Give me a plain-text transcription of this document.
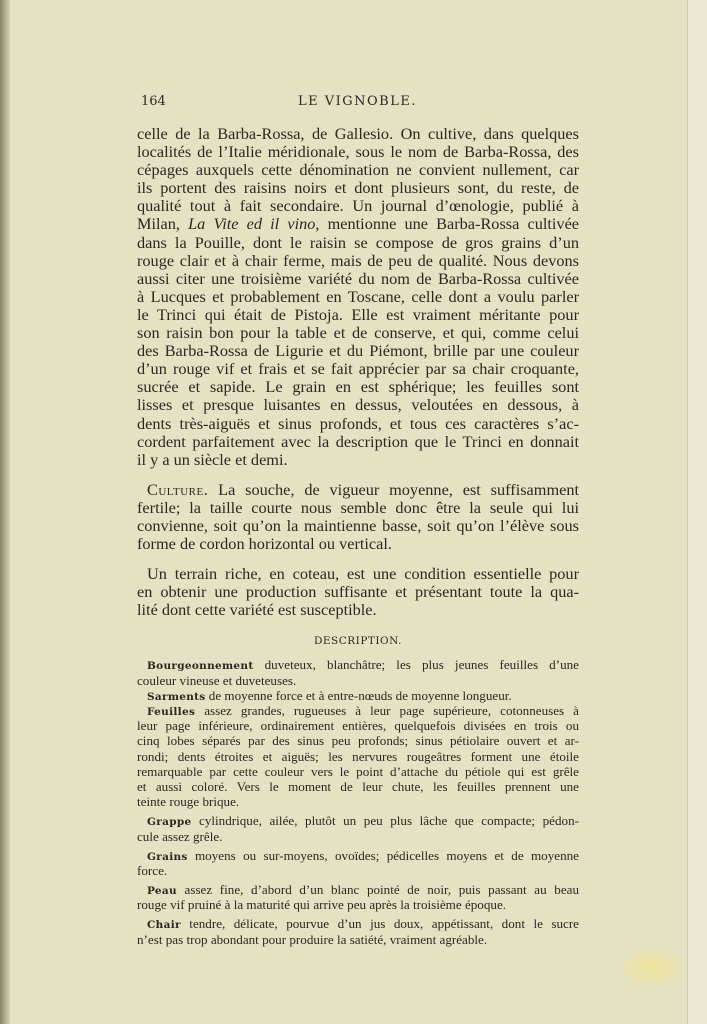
164	LE VIGNOBLE.
celle de la Barba-Rossa, de Gallesio. On cultive, dans quelques
localités de l’Italie méridionale, sous le nom de Barba-Rossa, des
cépages auxquels cette dénomination ne convient nullement, car
ils portent des raisins noirs et dont plusieurs sont, du reste, de
qualité tout à fait secondaire. Un journal d’œnologie, publié à
Milan, La Vite ed il vino, mentionne une Barba-Rossa cultivée
dans la Pouille, dont le raisin se compose de gros grains d’un
rouge clair et à chair ferme, mais de peu de qualité. Nous devons
aussi citer une troisième variété du nom de Barba-Rossa cultivée
à Lucques et probablement en Toscane, celle dont a voulu parler
le Trinci qui était de Pistoja. Elle est vraiment méritante pour
son raisin bon pour la table et de conserve, et qui, comme celui
des Barba-Rossa de Ligurie et du Piémont, brille par une couleur
d’un rouge vif et frais et se fait apprécier par sa chair croquante,
sucrée et sapide. Le grain en est sphérique; les feuilles sont
lisses et presque luisantes en dessus, veloutées en dessous, à
dents très-aiguës et sinus profonds, et tous ces caractères s’ac-
cordent parfaitement avec la description que le Trinci en donnait
il y a un siècle et demi.
Culture. La souche, de vigueur moyenne, est suffisamment
fertile; la taille courte nous semble donc être la seule qui lui
convienne, soit qu’on la maintienne basse, soit qu’on l’élève sous
forme de cordon horizontal ou vertical.
Un terrain riche, en coteau, est une condition essentielle pour
en obtenir une production suffisante et présentant toute la qua-
lité dont cette variété est susceptible.
DESCRIPTION.
Bourgeonnement duveteux, blanchâtre; les plus jeunes feuilles d’une
couleur vineuse et duveteuses.
Sarments de moyenne force et à entre-nœuds de moyenne longueur.
Feuilles assez grandes, rugueuses à leur page supérieure, cotonneuses à
leur page inférieure, ordinairement entières, quelquefois divisées en trois ou
cinq lobes séparés par des sinus peu profonds; sinus pétiolaire ouvert et ar-
rondi; dents étroites et aiguës; les nervures rougeâtres forment une étoile
remarquable par cette couleur vers le point d’attache du pétiole qui est grêle
et aussi coloré. Vers le moment de leur chute, les feuilles prennent une
teinte rouge brique.
Grappe cylindrique, ailée, plutôt un peu plus lâche que compacte; pédon-
cule assez grêle.
Grains moyens ou sur-moyens, ovoïdes; pédicelles moyens et de moyenne
force.
Peau assez fine, d’abord d’un blanc pointé de noir, puis passant au beau
rouge vif pruiné à la maturité qui arrive peu après la troisième époque.
Chair tendre, délicate, pourvue d’un jus doux, appétissant, dont le sucre
n’est pas trop abondant pour produire la satiété, vraiment agréable.
